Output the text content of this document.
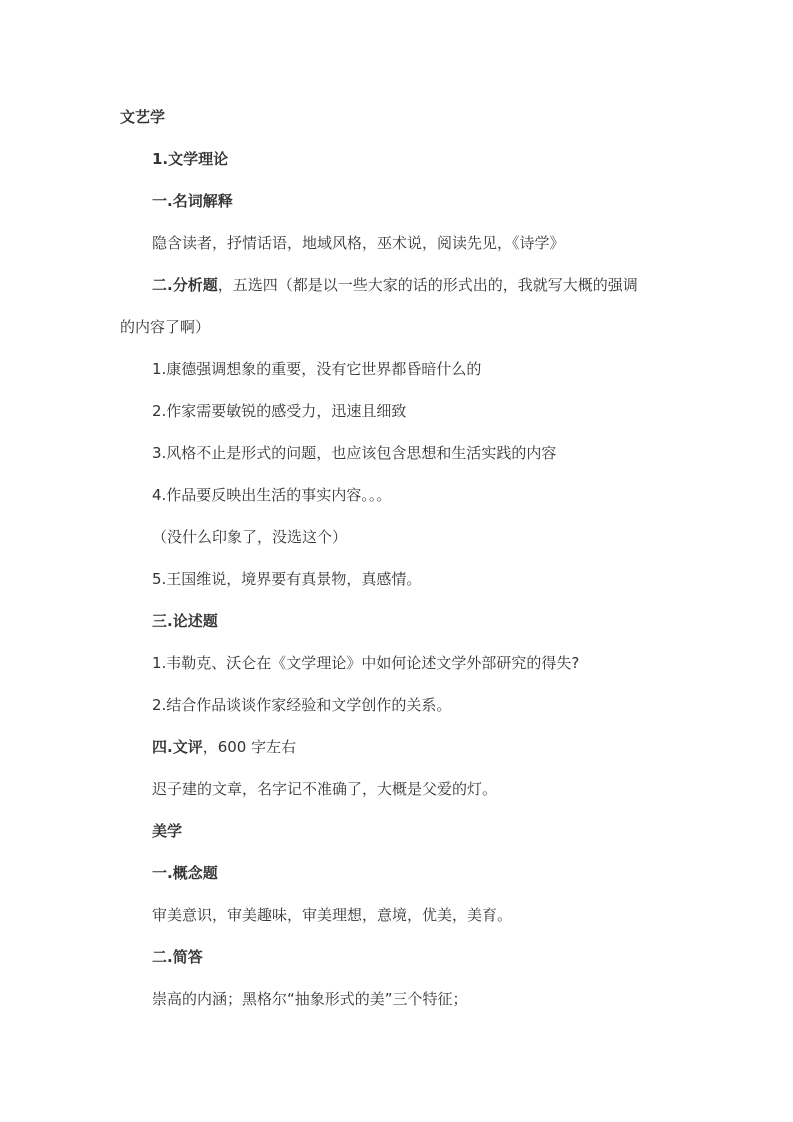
文艺学
1.文学理论
一.名词解释
隐含读者，抒情话语，地域风格，巫术说，阅读先见，《诗学》
二.分析题，五选四（都是以一些大家的话的形式出的，我就写大概的强调
的内容了啊）
1.康德强调想象的重要，没有它世界都昏暗什么的
2.作家需要敏锐的感受力，迅速且细致
3.风格不止是形式的问题，也应该包含思想和生活实践的内容
4.作品要反映出生活的事实内容。。。
（没什么印象了，没选这个）
5.王国维说，境界要有真景物，真感情。
三.论述题
1.韦勒克、沃仑在《文学理论》中如何论述文学外部研究的得失?
2.结合作品谈谈作家经验和文学创作的关系。
四.文评，600 字左右
迟子建的文章，名字记不准确了，大概是父爱的灯。
美学
一.概念题
审美意识，审美趣味，审美理想，意境，优美，美育。
二.简答
崇高的内涵；黑格尔“抽象形式的美”三个特征；
